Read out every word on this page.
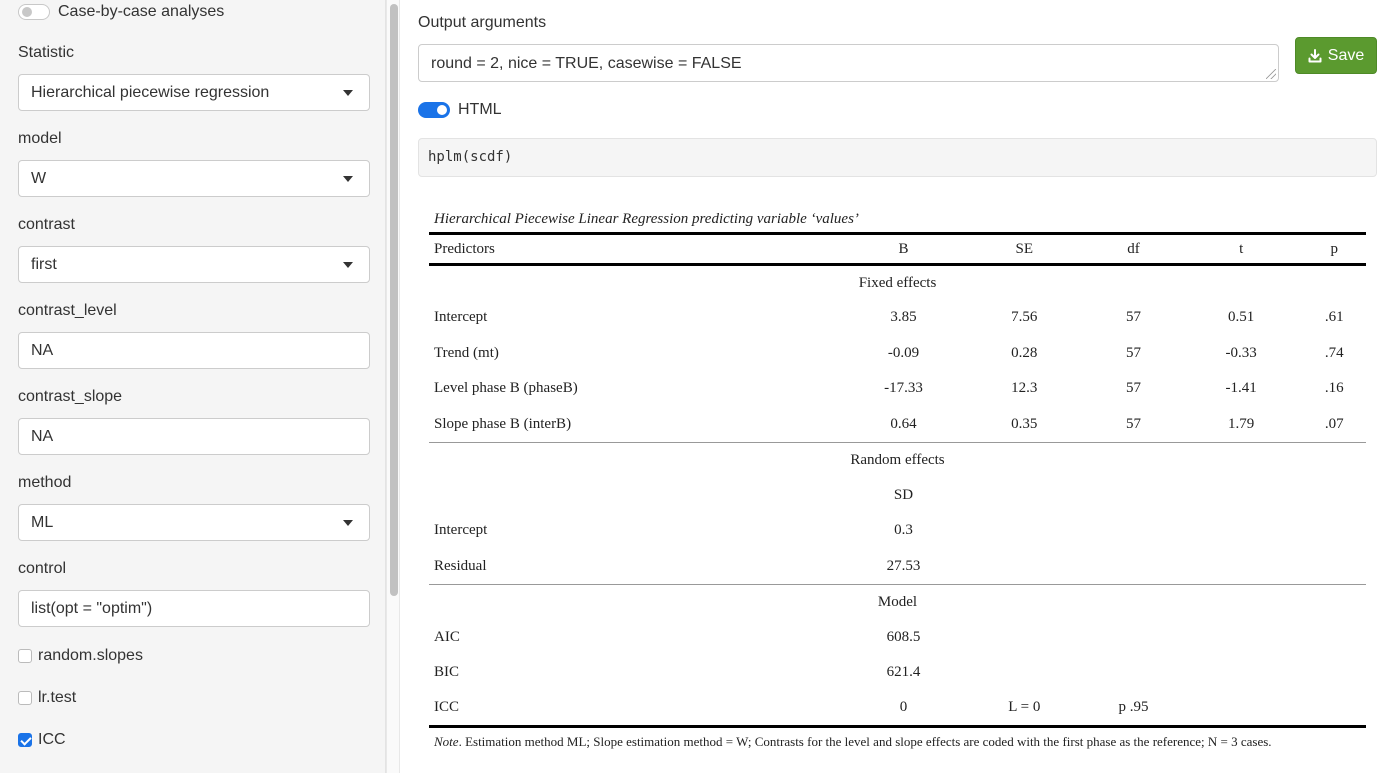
Case-by-case analyses
Statistic
Hierarchical piecewise regression
model
W
contrast
first
contrast_level
NA
contrast_slope
NA
method
ML
control
list(opt = "optim")
random.slopes
lr.test
ICC
Output arguments
round = 2, nice = TRUE, casewise = FALSE	Save
HTML
hplm(scdf)
Hierarchical Piecewise Linear Regression predicting variable ‘values’
Predictors	B	SE	df	t	p
Fixed effects					
Intercept	3.85	7.56	57	0.51	.61
Trend (mt)	-0.09	0.28	57	-0.33	.74
Level phase B (phaseB)	-17.33	12.3	57	-1.41	.16
Slope phase B (interB)	0.64	0.35	57	1.79	.07
Random effects					
	SD				
Intercept	0.3				
Residual	27.53				
Model					
AIC	608.5				
BIC	621.4				
ICC	0	L = 0	p .95		
Note. Estimation method ML; Slope estimation method = W; Contrasts for the level and slope effects are coded with the first phase as the reference; N = 3 cases.
